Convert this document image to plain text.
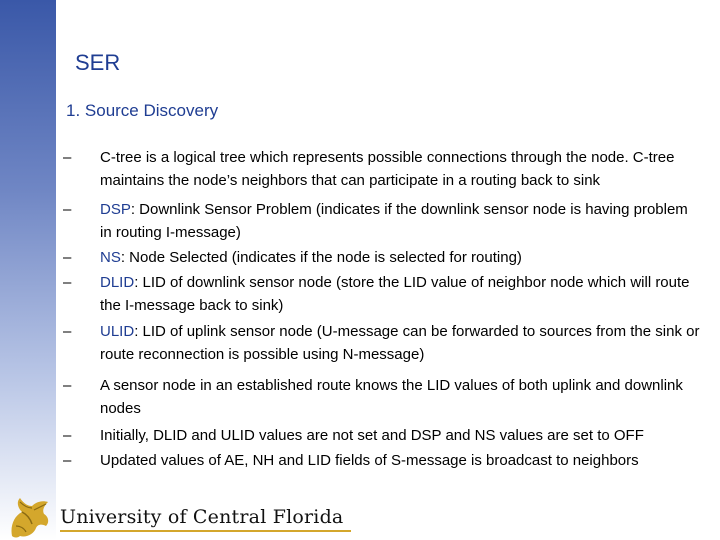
SER
1. Source Discovery
–	C-tree is a logical tree which represents possible connections through the node. C-tree maintains the node’s neighbors that can participate in a routing back to sink
–	DSP: Downlink Sensor Problem (indicates if the downlink sensor node is having problem in routing I-message)
–	NS: Node Selected (indicates if the node is selected for routing)
–	DLID: LID of downlink sensor node (store the LID value of neighbor node which will route the I-message back to sink)
–	ULID: LID of uplink sensor node (U-message can be forwarded to sources from the sink or route reconnection is possible using N-message)
–	A sensor node in an established route knows the LID values of both uplink and downlink nodes
–	Initially, DLID and ULID values are not set and DSP and NS values are set to OFF
–	Updated values of AE, NH and LID fields of S-message is broadcast to neighbors
University of Central Florida
